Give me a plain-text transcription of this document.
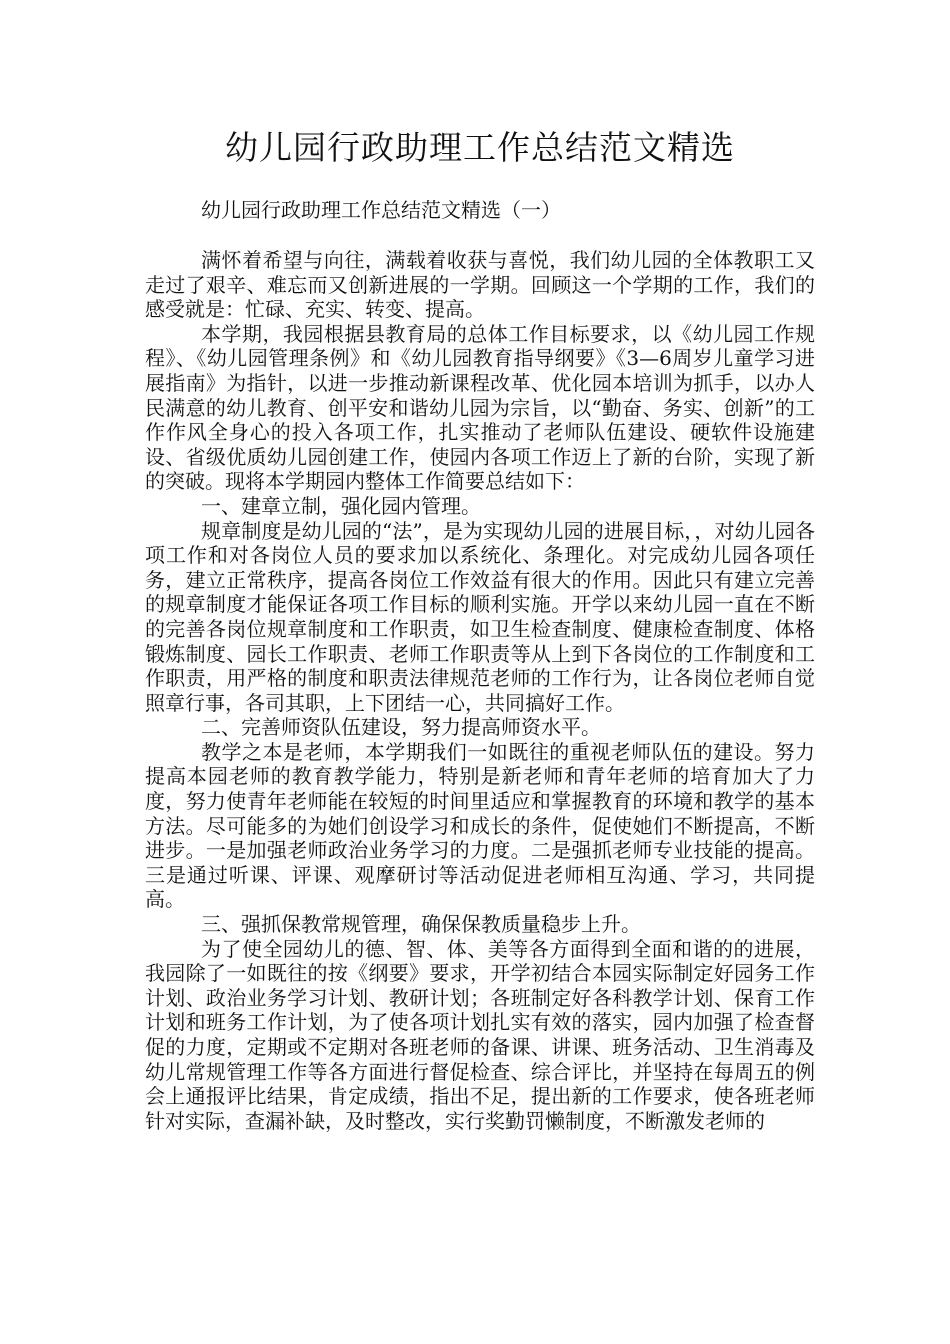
幼儿园行政助理工作总结范文精选

幼儿园行政助理工作总结范文精选（一）

满怀着希望与向往，满载着收获与喜悦，我们幼儿园的全体教职工又走过了艰辛、难忘而又创新进展的一学期。回顾这一个学期的工作，我们的感受就是：忙碌、充实、转变、提高。

本学期，我园根据县教育局的总体工作目标要求，以《幼儿园工作规程》、《幼儿园管理条例》和《幼儿园教育指导纲要》《3—6周岁儿童学习进展指南》为指针，以进一步推动新课程改革、优化园本培训为抓手，以办人民满意的幼儿教育、创平安和谐幼儿园为宗旨，以“勤奋、务实、创新”的工作作风全身心的投入各项工作，扎实推动了老师队伍建设、硬软件设施建设、省级优质幼儿园创建工作，使园内各项工作迈上了新的台阶，实现了新的突破。现将本学期园内整体工作简要总结如下：

一、建章立制，强化园内管理。

规章制度是幼儿园的“法”，是为实现幼儿园的进展目标，，对幼儿园各项工作和对各岗位人员的要求加以系统化、条理化。对完成幼儿园各项任务，建立正常秩序，提高各岗位工作效益有很大的作用。因此只有建立完善的规章制度才能保证各项工作目标的顺利实施。开学以来幼儿园一直在不断的完善各岗位规章制度和工作职责，如卫生检查制度、健康检查制度、体格锻炼制度、园长工作职责、老师工作职责等从上到下各岗位的工作制度和工作职责，用严格的制度和职责法律规范老师的工作行为，让各岗位老师自觉照章行事，各司其职，上下团结一心，共同搞好工作。

二、完善师资队伍建设，努力提高师资水平。

教学之本是老师，本学期我们一如既往的重视老师队伍的建设。努力提高本园老师的教育教学能力，特别是新老师和青年老师的培育加大了力度，努力使青年老师能在较短的时间里适应和掌握教育的环境和教学的基本方法。尽可能多的为她们创设学习和成长的条件，促使她们不断提高，不断进步。一是加强老师政治业务学习的力度。二是强抓老师专业技能的提高。三是通过听课、评课、观摩研讨等活动促进老师相互沟通、学习，共同提高。

三、强抓保教常规管理，确保保教质量稳步上升。

为了使全园幼儿的德、智、体、美等各方面得到全面和谐的的进展，我园除了一如既往的按《纲要》要求，开学初结合本园实际制定好园务工作计划、政治业务学习计划、教研计划；各班制定好各科教学计划、保育工作计划和班务工作计划，为了使各项计划扎实有效的落实，园内加强了检查督促的力度，定期或不定期对各班老师的备课、讲课、班务活动、卫生消毒及幼儿常规管理工作等各方面进行督促检查、综合评比，并坚持在每周五的例会上通报评比结果，肯定成绩，指出不足，提出新的工作要求，使各班老师针对实际，查漏补缺，及时整改，实行奖勤罚懒制度，不断激发老师的
